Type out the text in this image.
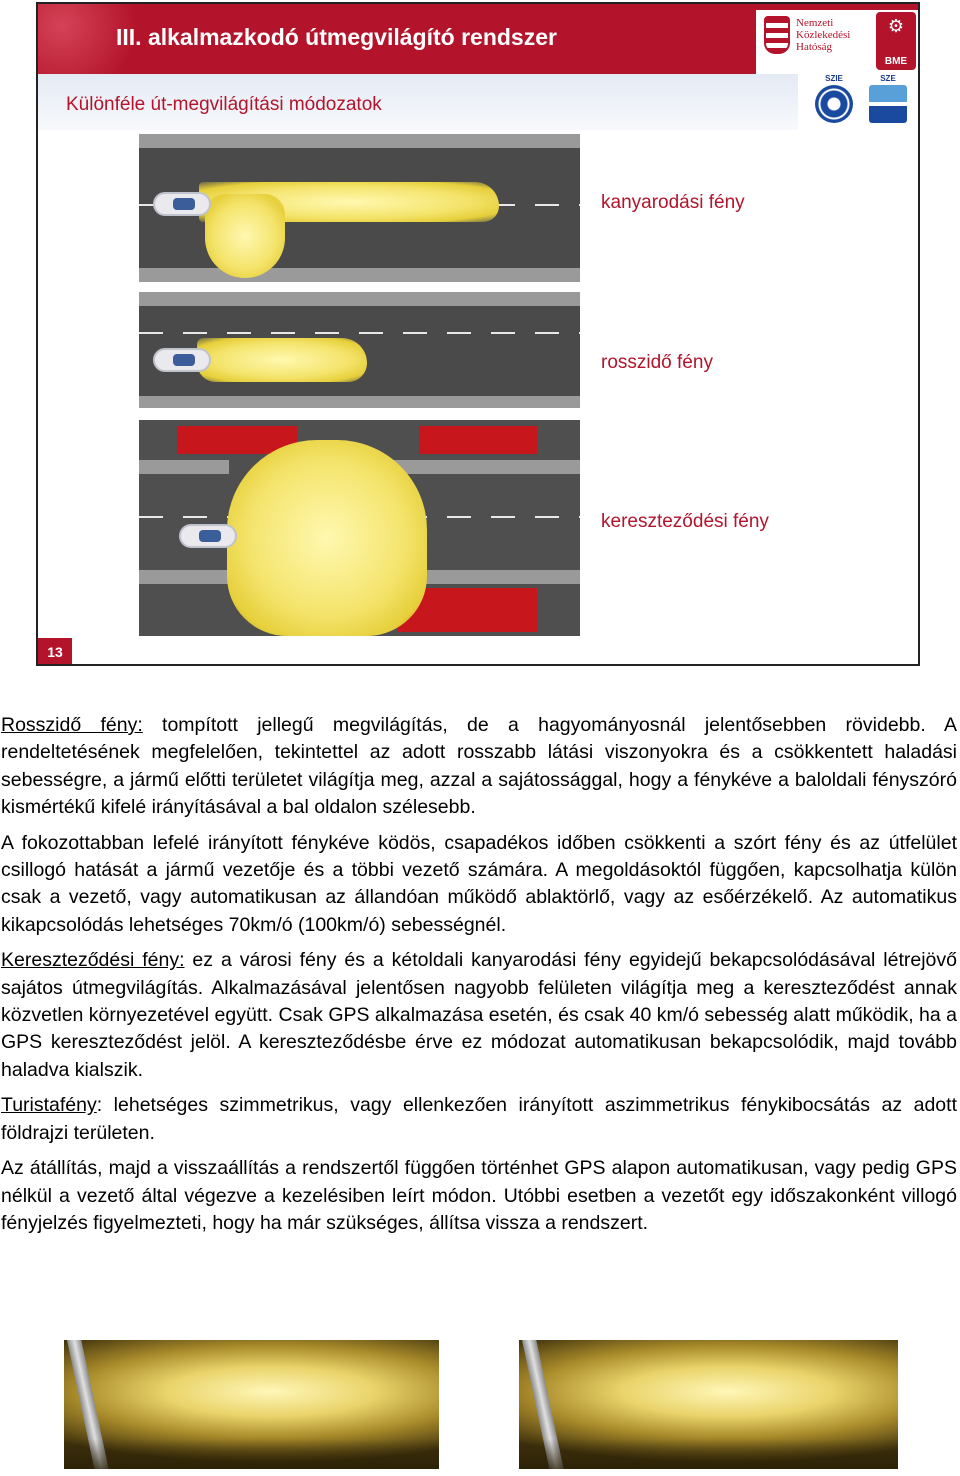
III. alkalmazkodó útmegvilágító rendszer
Nemzeti Közlekedési Hatóság
⚙
BME
Különféle út-megvilágítási módozatok
SZIE	SZE
kanyarodási fény
rosszidő fény
kereszteződési fény
13

Rosszidő fény: tompított jellegű megvilágítás, de a hagyományosnál jelentősebben rövidebb. A rendeltetésének megfelelően, tekintettel az adott rosszabb látási viszonyokra és a csökkentett haladási sebességre, a jármű előtti területet világítja meg, azzal a sajátossággal, hogy a fénykéve a baloldali fényszóró kismértékű kifelé irányításával a bal oldalon szélesebb.

A fokozottabban lefelé irányított fénykéve ködös, csapadékos időben csökkenti a szórt fény és az útfelület csillogó hatását a jármű vezetője és a többi vezető számára. A megoldásoktól függően, kapcsolhatja külön csak a vezető, vagy automatikusan az állandóan működő ablaktörlő, vagy az esőérzékelő. Az automatikus kikapcsolódás lehetséges 70km/ó (100km/ó) sebességnél.

Kereszteződési fény: ez a városi fény és a kétoldali kanyarodási fény egyidejű bekapcsolódásával létrejövő sajátos útmegvilágítás. Alkalmazásával jelentősen nagyobb felületen világítja meg a kereszteződést annak közvetlen környezetével együtt. Csak GPS alkalmazása esetén, és csak 40 km/ó sebesség alatt működik, ha a GPS kereszteződést jelöl. A kereszteződésbe érve ez módozat automatikusan bekapcsolódik, majd tovább haladva kialszik.

Turistafény: lehetséges szimmetrikus, vagy ellenkezően irányított aszimmetrikus fénykibocsátás az adott földrajzi területen.

Az átállítás, majd a visszaállítás a rendszertől függően történhet GPS alapon automatikusan, vagy pedig GPS nélkül a vezető által végezve a kezelésiben leírt módon. Utóbbi esetben a vezetőt egy időszakonként villogó fényjelzés figyelmezteti, hogy ha már szükséges, állítsa vissza a rendszert.
